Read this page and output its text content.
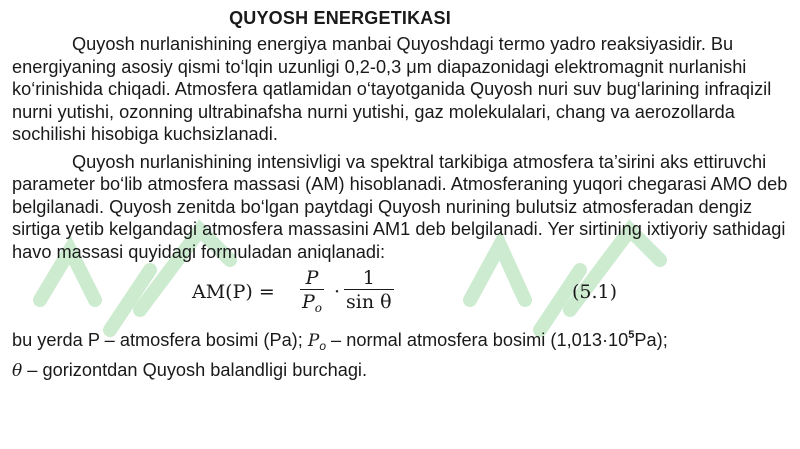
QUYOSH ENERGETIKASI

Quyosh nurlanishining energiya manbai Quyoshdagi termo yadro reaksiyasidir. Bu energiyaning asosiy qismi to‘lqin uzunligi 0,2-0,3 μm diapazonidagi elektromagnit nurlanishi ko‘rinishida chiqadi. Atmosfera qatlamidan o‘tayotganida Quyosh nuri suv bug‘larining infraqizil nurni yutishi, ozonning ultrabinafsha nurni yutishi, gaz molekulalari, chang va aerozollarda sochilishi hisobiga kuchsizlanadi.

Quyosh nurlanishining intensivligi va spektral tarkibiga atmosfera ta’sirini aks ettiruvchi parameter bo‘lib atmosfera massasi (AM) hisoblanadi. Atmosferaning yuqori chegarasi AMO deb belgilanadi. Quyosh zenitda bo‘lgan paytdagi Quyosh nurining bulutsiz atmosferadan dengiz sirtiga yetib kelgandagi atmosfera massasini AM1 deb belgilanadi. Yer sirtining ixtiyoriy sathidagi havo massasi quyidagi formuladan aniqlanadi:

$AM(P) = \frac{P}{P_o} \cdot \frac{1}{\text{sin θ}}$	(5.1)

bu yerda P – atmosfera bosimi (Pa); $P_o$ – normal atmosfera bosimi $(1,013\cdot 10^5Pa)$;

θ – gorizontdan Quyosh balandligi burchagi.
